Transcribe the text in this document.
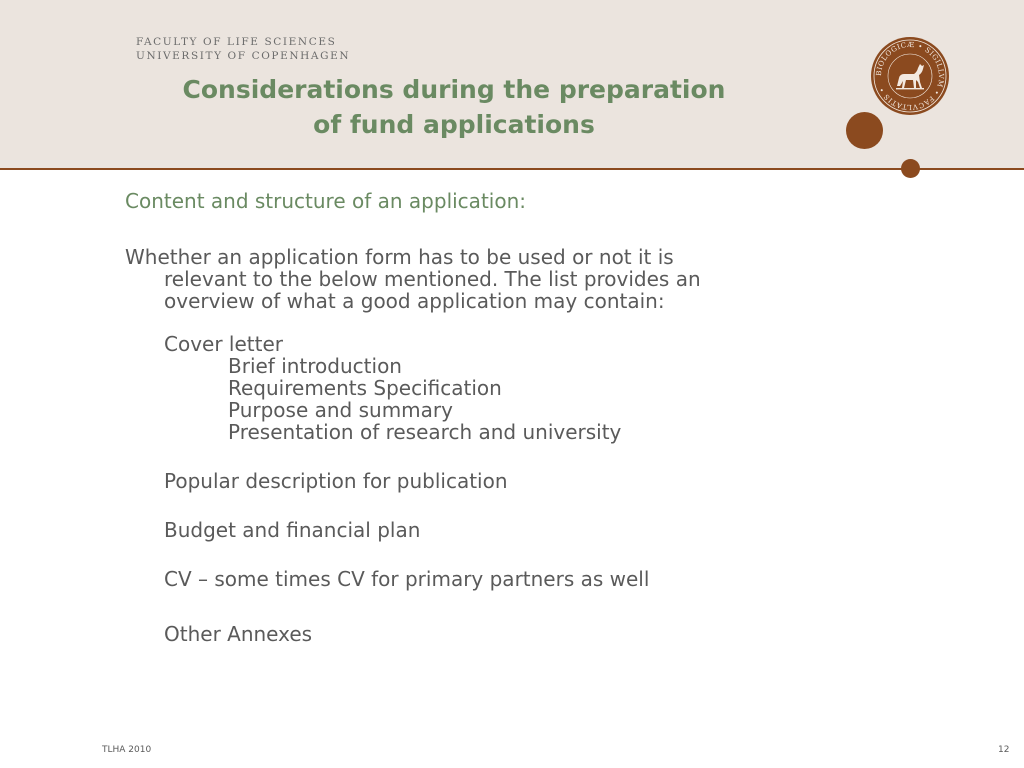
FACULTY OF LIFE SCIENCES
UNIVERSITY OF COPENHAGEN
Considerations during the preparation
of fund applications
BIOLOGICÆ • SIGILLVM • FACVLTATIS •
Content and structure of an application:
Whether an application form has to be used or not it is
relevant to the below mentioned. The list provides an
overview of what a good application may contain:
Cover letter
Brief introduction
Requirements Specification
Purpose and summary
Presentation of research and university
Popular description for publication
Budget and financial plan
CV – some times CV for primary partners as well
Other Annexes
TLHA 2010	12
